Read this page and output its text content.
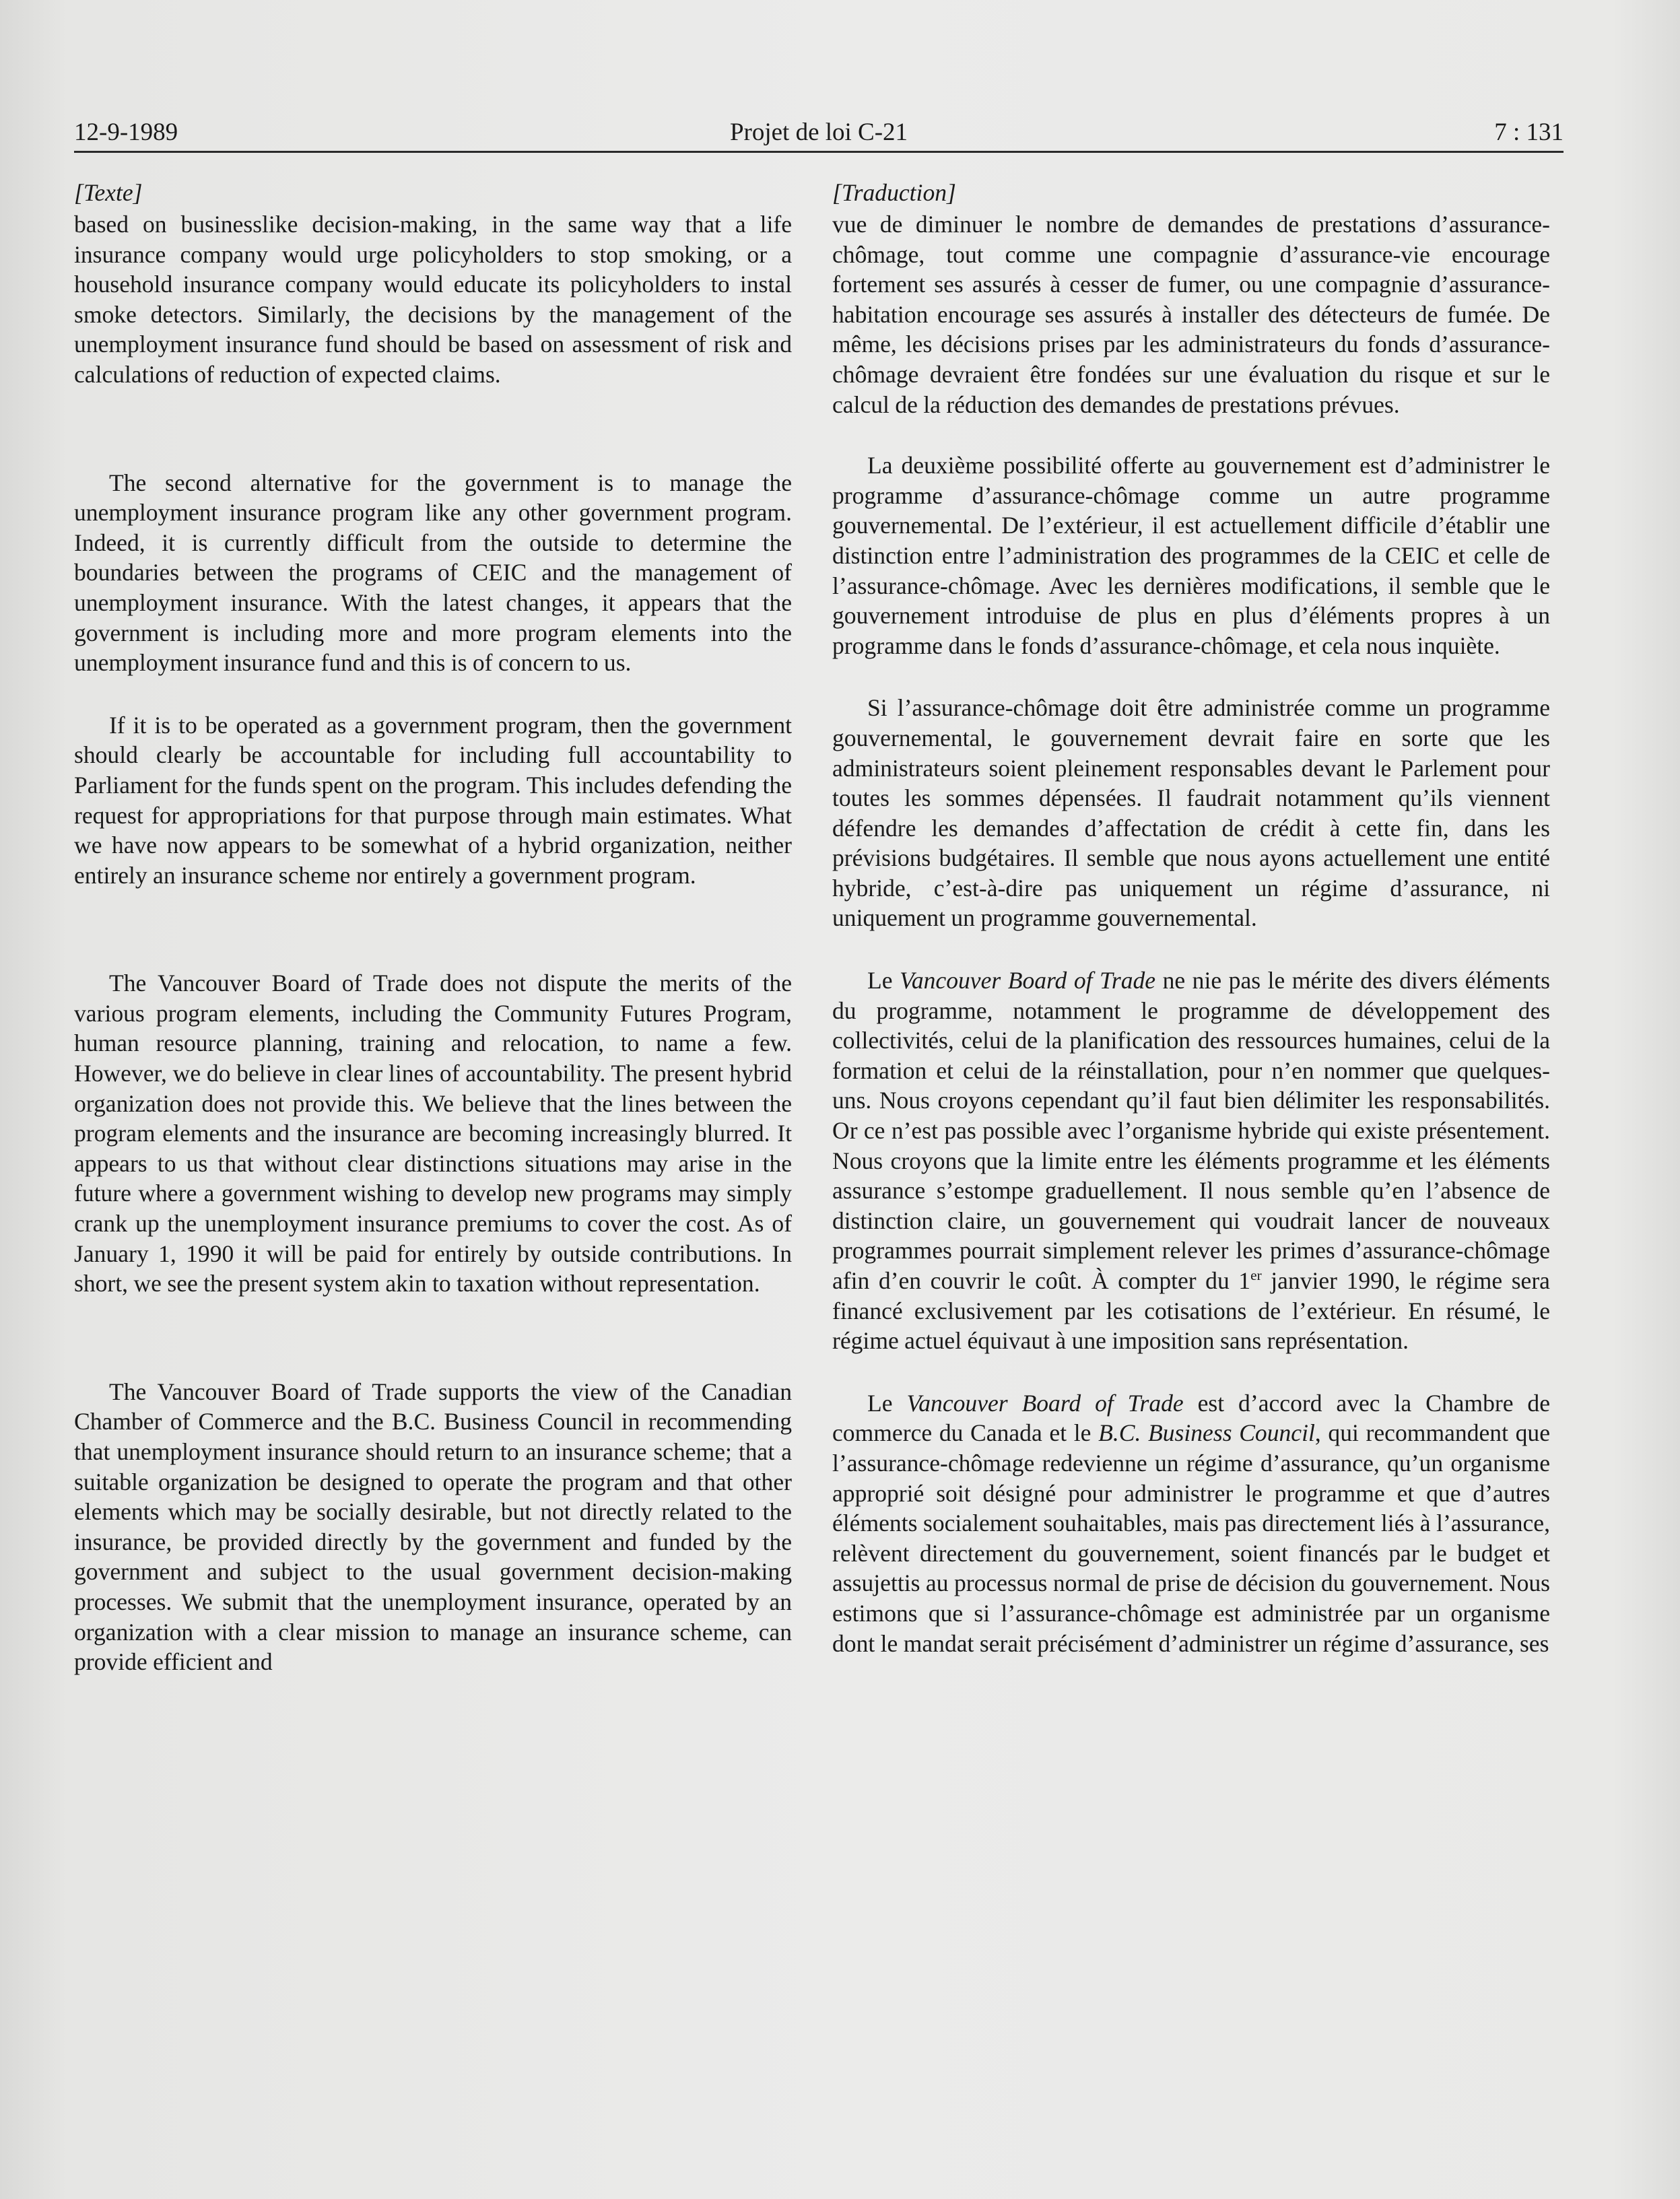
12-9-1989	Projet de loi C-21	7 : 131
[Texte]

based on businesslike decision-making, in the same way that a life insurance company would urge policyholders to stop smoking, or a household insurance company would educate its policyholders to instal smoke detectors. Similarly, the decisions by the management of the unemployment insurance fund should be based on assessment of risk and calculations of reduction of expected claims.

The second alternative for the government is to manage the unemployment insurance program like any other government program. Indeed, it is currently difficult from the outside to determine the boundaries between the programs of CEIC and the management of unemployment insurance. With the latest changes, it appears that the government is including more and more program elements into the unemployment insurance fund and this is of concern to us.

If it is to be operated as a government program, then the government should clearly be accountable for including full accountability to Parliament for the funds spent on the program. This includes defending the request for appropriations for that purpose through main estimates. What we have now appears to be somewhat of a hybrid organization, neither entirely an insurance scheme nor entirely a government program.

The Vancouver Board of Trade does not dispute the merits of the various program elements, including the Community Futures Program, human resource planning, training and relocation, to name a few. However, we do believe in clear lines of accountability. The present hybrid organization does not provide this. We believe that the lines between the program elements and the insurance are becoming increasingly blurred. It appears to us that without clear distinctions situations may arise in the future where a government wishing to develop new programs may simply crank up the unemployment insurance premiums to cover the cost. As of January 1, 1990 it will be paid for entirely by outside contributions. In short, we see the present system akin to taxation without representation.

The Vancouver Board of Trade supports the view of the Canadian Chamber of Commerce and the B.C. Business Council in recommending that unemployment insurance should return to an insurance scheme; that a suitable organization be designed to operate the program and that other elements which may be socially desirable, but not directly related to the insurance, be provided directly by the government and funded by the government and subject to the usual government decision-making processes. We submit that the unemployment insurance, operated by an organization with a clear mission to manage an insurance scheme, can provide efficient and

[Traduction]

vue de diminuer le nombre de demandes de prestations d’assurance-chômage, tout comme une compagnie d’assurance-vie encourage fortement ses assurés à cesser de fumer, ou une compagnie d’assurance-habitation encourage ses assurés à installer des détecteurs de fumée. De même, les décisions prises par les administrateurs du fonds d’assurance-chômage devraient être fondées sur une évaluation du risque et sur le calcul de la réduction des demandes de prestations prévues.

La deuxième possibilité offerte au gouvernement est d’administrer le programme d’assurance-chômage comme un autre programme gouvernemental. De l’extérieur, il est actuellement difficile d’établir une distinction entre l’administration des programmes de la CEIC et celle de l’assurance-chômage. Avec les dernières modifications, il semble que le gouvernement introduise de plus en plus d’éléments propres à un programme dans le fonds d’assurance-chômage, et cela nous inquiète.

Si l’assurance-chômage doit être administrée comme un programme gouvernemental, le gouvernement devrait faire en sorte que les administrateurs soient pleinement responsables devant le Parlement pour toutes les sommes dépensées. Il faudrait notamment qu’ils viennent défendre les demandes d’affectation de crédit à cette fin, dans les prévisions budgétaires. Il semble que nous ayons actuellement une entité hybride, c’est-à-dire pas uniquement un régime d’assurance, ni uniquement un programme gouvernemental.

Le Vancouver Board of Trade ne nie pas le mérite des divers éléments du programme, notamment le programme de développement des collectivités, celui de la planification des ressources humaines, celui de la formation et celui de la réinstallation, pour n’en nommer que quelques-uns. Nous croyons cependant qu’il faut bien délimiter les responsabilités. Or ce n’est pas possible avec l’organisme hybride qui existe présentement. Nous croyons que la limite entre les éléments programme et les éléments assurance s’estompe graduellement. Il nous semble qu’en l’absence de distinction claire, un gouvernement qui voudrait lancer de nouveaux programmes pourrait simplement relever les primes d’assurance-chômage afin d’en couvrir le coût. À compter du 1er janvier 1990, le régime sera financé exclusivement par les cotisations de l’extérieur. En résumé, le régime actuel équivaut à une imposition sans représentation.

Le Vancouver Board of Trade est d’accord avec la Chambre de commerce du Canada et le B.C. Business Council, qui recommandent que l’assurance-chômage redevienne un régime d’assurance, qu’un organisme approprié soit désigné pour administrer le programme et que d’autres éléments socialement souhaitables, mais pas directement liés à l’assurance, relèvent directement du gouvernement, soient financés par le budget et assujettis au processus normal de prise de décision du gouvernement. Nous estimons que si l’assurance-chômage est administrée par un organisme dont le mandat serait précisément d’administrer un régime d’assurance, ses
